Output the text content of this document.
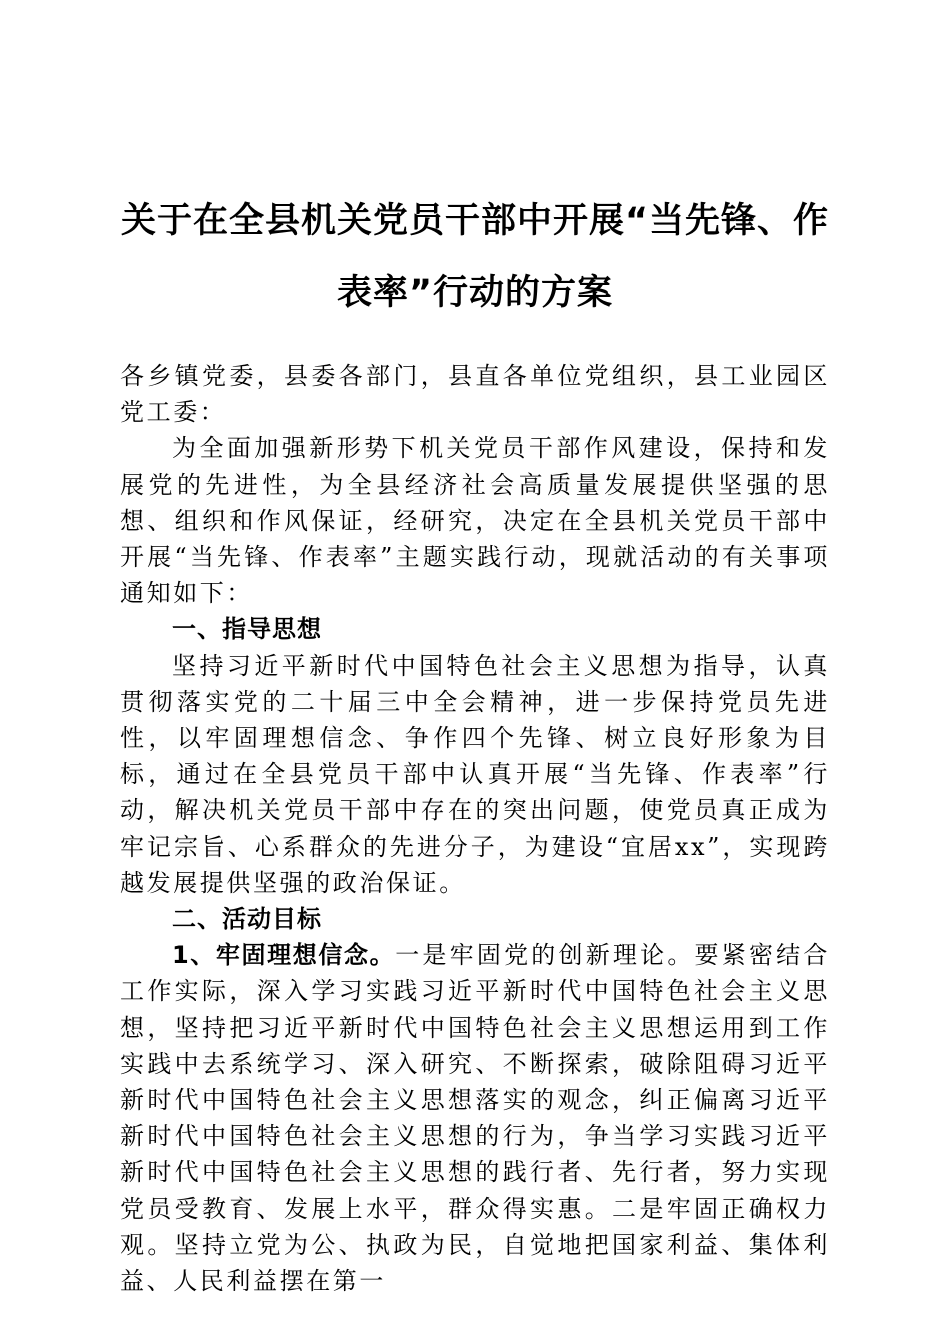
关于在全县机关党员干部中开展“当先锋、作
表率”行动的方案

各乡镇党委，县委各部门，县直各单位党组织，县工业园区党工委：

为全面加强新形势下机关党员干部作风建设，保持和发展党的先进性，为全县经济社会高质量发展提供坚强的思想、组织和作风保证，经研究，决定在全县机关党员干部中开展“当先锋、作表率”主题实践行动，现就活动的有关事项通知如下：

一、指导思想

坚持习近平新时代中国特色社会主义思想为指导，认真贯彻落实党的二十届三中全会精神，进一步保持党员先进性，以牢固理想信念、争作四个先锋、树立良好形象为目标，通过在全县党员干部中认真开展“当先锋、作表率”行动，解决机关党员干部中存在的突出问题，使党员真正成为牢记宗旨、心系群众的先进分子，为建设“宜居xx”，实现跨越发展提供坚强的政治保证。

二、活动目标

1、牢固理想信念。一是牢固党的创新理论。要紧密结合工作实际，深入学习实践习近平新时代中国特色社会主义思想，坚持把习近平新时代中国特色社会主义思想运用到工作实践中去系统学习、深入研究、不断探索，破除阻碍习近平新时代中国特色社会主义思想落实的观念，纠正偏离习近平新时代中国特色社会主义思想的行为，争当学习实践习近平新时代中国特色社会主义思想的践行者、先行者，努力实现党员受教育、发展上水平，群众得实惠。二是牢固正确权力观。坚持立党为公、执政为民，自觉地把国家利益、集体利益、人民利益摆在第一
